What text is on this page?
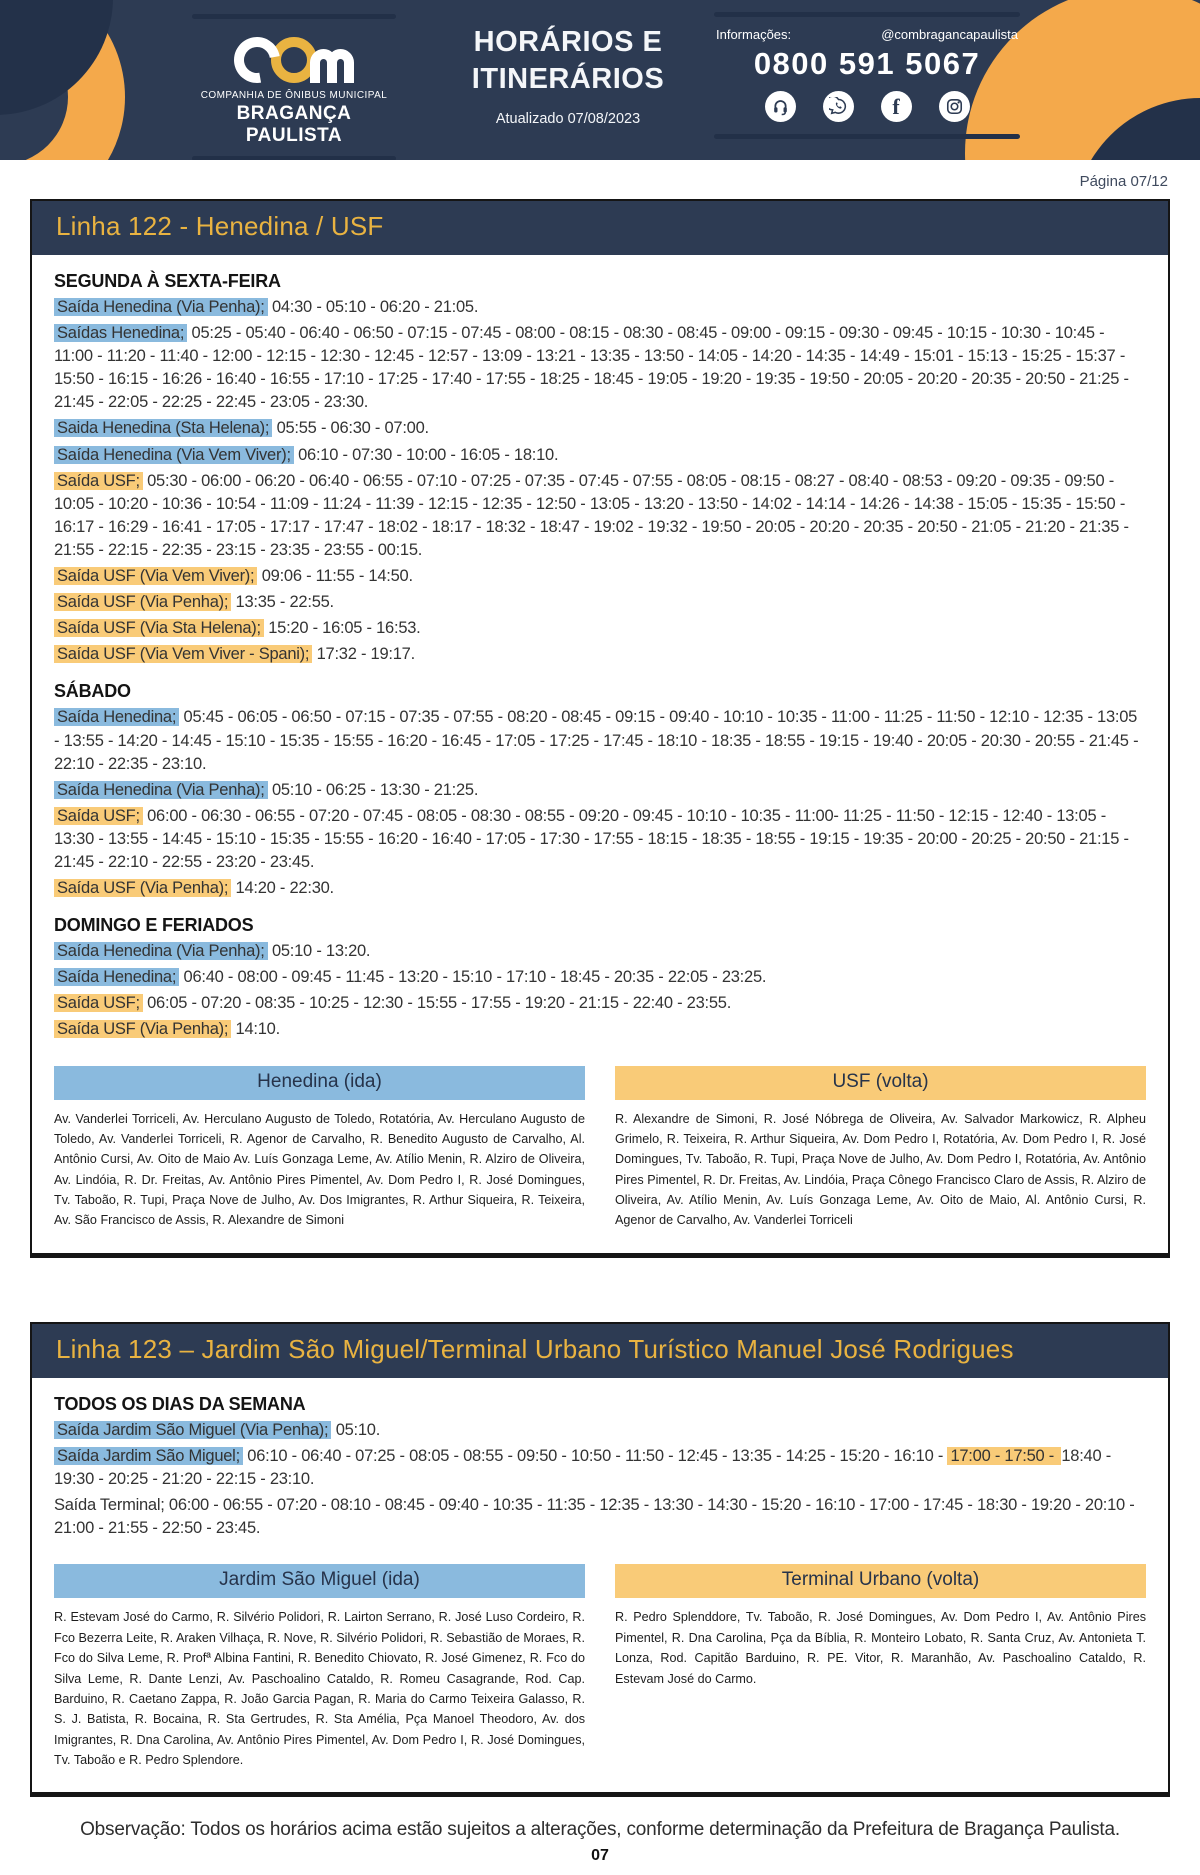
COMPANHIA DE ÔNIBUS MUNICIPAL
BRAGANÇA PAULISTA
HORÁRIOS E
ITINERÁRIOS
Atualizado 07/08/2023
Informações:	@combragancapaulista
0800 591 5067
f
Página 07/12
Linha 122 - Henedina / USF
SEGUNDA À SEXTA-FEIRA

Saída Henedina (Via Penha); 04:30 - 05:10 - 06:20 - 21:05.

Saídas Henedina; 05:25 - 05:40 - 06:40 - 06:50 - 07:15 - 07:45 - 08:00 - 08:15 - 08:30 - 08:45 - 09:00 - 09:15 - 09:30 - 09:45 - 10:15 - 10:30 - 10:45 - 11:00 - 11:20 - 11:40 - 12:00 - 12:15 - 12:30 - 12:45 - 12:57 - 13:09 - 13:21 - 13:35 - 13:50 - 14:05 - 14:20 - 14:35 - 14:49 - 15:01 - 15:13 - 15:25 - 15:37 - 15:50 - 16:15 - 16:26 - 16:40 - 16:55 - 17:10 - 17:25 - 17:40 - 17:55 - 18:25 - 18:45 - 19:05 - 19:20 - 19:35 - 19:50 - 20:05 - 20:20 - 20:35 - 20:50 - 21:25 - 21:45 - 22:05 - 22:25 - 22:45 - 23:05 - 23:30.

Saida Henedina (Sta Helena); 05:55 - 06:30 - 07:00.

Saída Henedina (Via Vem Viver); 06:10 - 07:30 - 10:00 - 16:05 - 18:10.

Saída USF; 05:30 - 06:00 - 06:20 - 06:40 - 06:55 - 07:10 - 07:25 - 07:35 - 07:45 - 07:55 - 08:05 - 08:15 - 08:27 - 08:40 - 08:53 - 09:20 - 09:35 - 09:50 - 10:05 - 10:20 - 10:36 - 10:54 - 11:09 - 11:24 - 11:39 - 12:15 - 12:35 - 12:50 - 13:05 - 13:20 - 13:50 - 14:02 - 14:14 - 14:26 - 14:38 - 15:05 - 15:35 - 15:50 - 16:17 - 16:29 - 16:41 - 17:05 - 17:17 - 17:47 - 18:02 - 18:17 - 18:32 - 18:47 - 19:02 - 19:32 - 19:50 - 20:05 - 20:20 - 20:35 - 20:50 - 21:05 - 21:20 - 21:35 - 21:55 - 22:15 - 22:35 - 23:15 - 23:35 - 23:55 - 00:15.

Saída USF (Via Vem Viver); 09:06 - 11:55 - 14:50.

Saída USF (Via Penha); 13:35 - 22:55.

Saída USF (Via Sta Helena); 15:20 - 16:05 - 16:53.

Saída USF (Via Vem Viver - Spani); 17:32 - 19:17.

SÁBADO

Saída Henedina; 05:45 - 06:05 - 06:50 - 07:15 - 07:35 - 07:55 - 08:20 - 08:45 - 09:15 - 09:40 - 10:10 - 10:35 - 11:00 - 11:25 - 11:50 - 12:10 - 12:35 - 13:05 - 13:55 - 14:20 - 14:45 - 15:10 - 15:35 - 15:55 - 16:20 - 16:45 - 17:05 - 17:25 - 17:45 - 18:10 - 18:35 - 18:55 - 19:15 - 19:40 - 20:05 - 20:30 - 20:55 - 21:45 - 22:10 - 22:35 - 23:10.

Saída Henedina (Via Penha); 05:10 - 06:25 - 13:30 - 21:25.

Saída USF; 06:00 - 06:30 - 06:55 - 07:20 - 07:45 - 08:05 - 08:30 - 08:55 - 09:20 - 09:45 - 10:10 - 10:35 - 11:00- 11:25 - 11:50 - 12:15 - 12:40 - 13:05 - 13:30 - 13:55 - 14:45 - 15:10 - 15:35 - 15:55 - 16:20 - 16:40 - 17:05 - 17:30 - 17:55 - 18:15 - 18:35 - 18:55 - 19:15 - 19:35 - 20:00 - 20:25 - 20:50 - 21:15 - 21:45 - 22:10 - 22:55 - 23:20 - 23:45.

Saída USF (Via Penha); 14:20 - 22:30.

DOMINGO E FERIADOS

Saída Henedina (Via Penha); 05:10 - 13:20.

Saída Henedina; 06:40 - 08:00 - 09:45 - 11:45 - 13:20 - 15:10 - 17:10 - 18:45 - 20:35 - 22:05 - 23:25.

Saída USF; 06:05 - 07:20 - 08:35 - 10:25 - 12:30 - 15:55 - 17:55 - 19:20 - 21:15 - 22:40 - 23:55.

Saída USF (Via Penha); 14:10.

Henedina (ida)

Av. Vanderlei Torriceli, Av. Herculano Augusto de Toledo, Rotatória, Av. Herculano Augusto de Toledo, Av. Vanderlei Torriceli, R. Agenor de Carvalho, R. Benedito Augusto de Carvalho, Al. Antônio Cursi, Av. Oito de Maio Av. Luís Gonzaga Leme, Av. Atílio Menin, R. Alziro de Oliveira, Av. Lindóia, R. Dr. Freitas, Av. Antônio Pires Pimentel, Av. Dom Pedro I, R. José Domingues, Tv. Taboão, R. Tupi, Praça Nove de Julho, Av. Dos Imigrantes, R. Arthur Siqueira, R. Teixeira, Av. São Francisco de Assis, R. Alexandre de Simoni

USF (volta)

R. Alexandre de Simoni, R. José Nóbrega de Oliveira, Av. Salvador Markowicz, R. Alpheu Grimelo, R. Teixeira, R. Arthur Siqueira, Av. Dom Pedro I, Rotatória, Av. Dom Pedro I, R. José Domingues, Tv. Taboão, R. Tupi, Praça Nove de Julho, Av. Dom Pedro I, Rotatória, Av. Antônio Pires Pimentel, R. Dr. Freitas, Av. Lindóia, Praça Cônego Francisco Claro de Assis, R. Alziro de Oliveira, Av. Atílio Menin, Av. Luís Gonzaga Leme, Av. Oito de Maio, Al. Antônio Cursi, R. Agenor de Carvalho, Av. Vanderlei Torriceli

Linha 123 – Jardim São Miguel/Terminal Urbano Turístico Manuel José Rodrigues
TODOS OS DIAS DA SEMANA

Saída Jardim São Miguel (Via Penha); 05:10.

Saída Jardim São Miguel; 06:10 - 06:40 - 07:25 - 08:05 - 08:55 - 09:50 - 10:50 - 11:50 - 12:45 - 13:35 - 14:25 - 15:20 - 16:10 - 17:00 - 17:50 - 18:40 - 19:30 - 20:25 - 21:20 - 22:15 - 23:10.

Saída Terminal; 06:00 - 06:55 - 07:20 - 08:10 - 08:45 - 09:40 - 10:35 - 11:35 - 12:35 - 13:30 - 14:30 - 15:20 - 16:10 - 17:00 - 17:45 - 18:30 - 19:20 - 20:10 - 21:00 - 21:55 - 22:50 - 23:45.

Jardim São Miguel (ida)

R. Estevam José do Carmo, R. Silvério Polidori, R. Lairton Serrano, R. José Luso Cordeiro, R. Fco Bezerra Leite, R. Araken Vilhaça, R. Nove, R. Silvério Polidori, R. Sebastião de Moraes, R. Fco do Silva Leme, R. Profª Albina Fantini, R. Benedito Chiovato, R. José Gimenez, R. Fco do Silva Leme, R. Dante Lenzi, Av. Paschoalino Cataldo, R. Romeu Casagrande, Rod. Cap. Barduino, R. Caetano Zappa, R. João Garcia Pagan, R. Maria do Carmo Teixeira Galasso, R. S. J. Batista, R. Bocaina, R. Sta Gertrudes, R. Sta Amélia, Pça Manoel Theodoro, Av. dos Imigrantes, R. Dna Carolina, Av. Antônio Pires Pimentel, Av. Dom Pedro I, R. José Domingues, Tv. Taboão e R. Pedro Splendore.

Terminal Urbano (volta)

R. Pedro Splenddore, Tv. Taboão, R. José Domingues, Av. Dom Pedro I, Av. Antônio Pires Pimentel, R. Dna Carolina, Pça da Bíblia, R. Monteiro Lobato, R. Santa Cruz, Av. Antonieta T. Lonza, Rod. Capitão Barduino, R. PE. Vitor, R. Maranhão, Av. Paschoalino Cataldo, R. Estevam José do Carmo.

Observação: Todos os horários acima estão sujeitos a alterações, conforme determinação da Prefeitura de Bragança Paulista.

07
